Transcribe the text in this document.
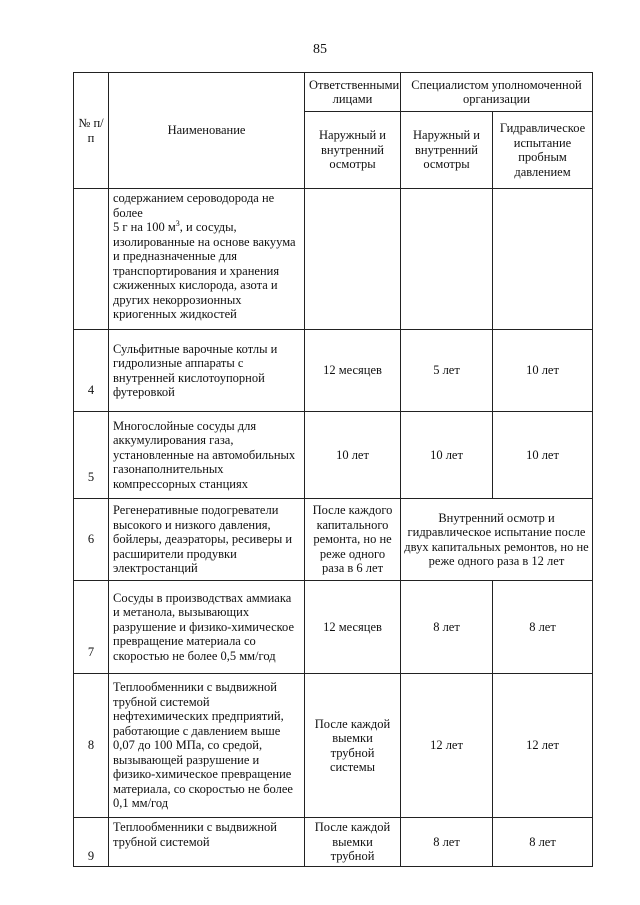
85
№ п/п	Наименование	Ответственными лицами	Специалистом уполномоченной организации	
		Наружный и внутренний осмотры	Наружный и внутренний осмотры	Гидравлическое испытание пробным давлением
	содержанием сероводорода не более
5 г на 100 $м^3$, и сосуды, изолированные на основе вакуума и предназначенные для транспортирования и хранения сжиженных кислорода, азота и других некоррозионных криогенных жидкостей			
4	Сульфитные варочные котлы и гидролизные аппараты с внутренней кислотоупорной футеровкой	12 месяцев	5 лет	10 лет
5	Многослойные сосуды для аккумулирования газа, установленные на автомобильных газонаполнительных компрессорных станциях	10 лет	10 лет	10 лет
6	Регенеративные подогреватели высокого и низкого давления, бойлеры, деаэраторы, ресиверы и расширители продувки электростанций	После каждого капитального ремонта, но не реже одного раза в 6 лет	Внутренний осмотр и гидравлическое испытание после двух капитальных ремонтов, но не реже одного раза в 12 лет	
7	Сосуды в производствах аммиака и метанола, вызывающих разрушение и физико-химическое превращение материала со скоростью не более 0,5 мм/год	12 месяцев	8 лет	8 лет
8	Теплообменники с выдвижной трубной системой нефтехимических предприятий, работающие с давлением выше 0,07 до 100 МПа, со средой, вызывающей разрушение и физико-химическое превращение материала, со скоростью не более 0,1 мм/год	После каждой выемки трубной системы	12 лет	12 лет
9	Теплообменники с выдвижной трубной системой	После каждой выемки трубной	8 лет	8 лет
